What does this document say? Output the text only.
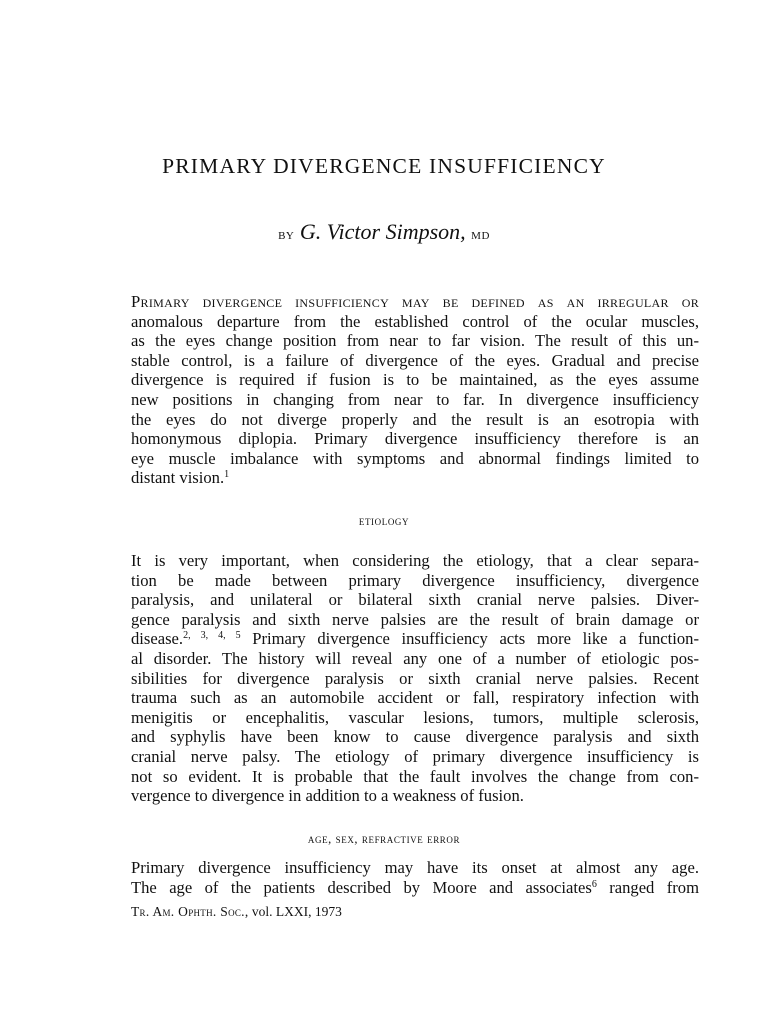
PRIMARY DIVERGENCE INSUFFICIENCY
by G. Victor Simpson, md
Primary divergence insufficiency may be defined as an irregular or
anomalous departure from the established control of the ocular muscles,
as the eyes change position from near to far vision. The result of this un-
stable control, is a failure of divergence of the eyes. Gradual and precise
divergence is required if fusion is to be maintained, as the eyes assume
new positions in changing from near to far. In divergence insufficiency
the eyes do not diverge properly and the result is an esotropia with
homonymous diplopia. Primary divergence insufficiency therefore is an
eye muscle imbalance with symptoms and abnormal findings limited to
distant vision.$^1$
etiology
It is very important, when considering the etiology, that a clear separa-
tion be made between primary divergence insufficiency, divergence
paralysis, and unilateral or bilateral sixth cranial nerve palsies. Diver-
gence paralysis and sixth nerve palsies are the result of brain damage or
disease.$^{2, 3, 4, 5}$ Primary divergence insufficiency acts more like a function-
al disorder. The history will reveal any one of a number of etiologic pos-
sibilities for divergence paralysis or sixth cranial nerve palsies. Recent
trauma such as an automobile accident or fall, respiratory infection with
menigitis or encephalitis, vascular lesions, tumors, multiple sclerosis,
and syphylis have been know to cause divergence paralysis and sixth
cranial nerve palsy. The etiology of primary divergence insufficiency is
not so evident. It is probable that the fault involves the change from con-
vergence to divergence in addition to a weakness of fusion.
age, sex, refractive error
Primary divergence insufficiency may have its onset at almost any age.
The age of the patients described by Moore and associates$^6$ ranged from
Tr. Am. Ophth. Soc., vol. LXXI, 1973
